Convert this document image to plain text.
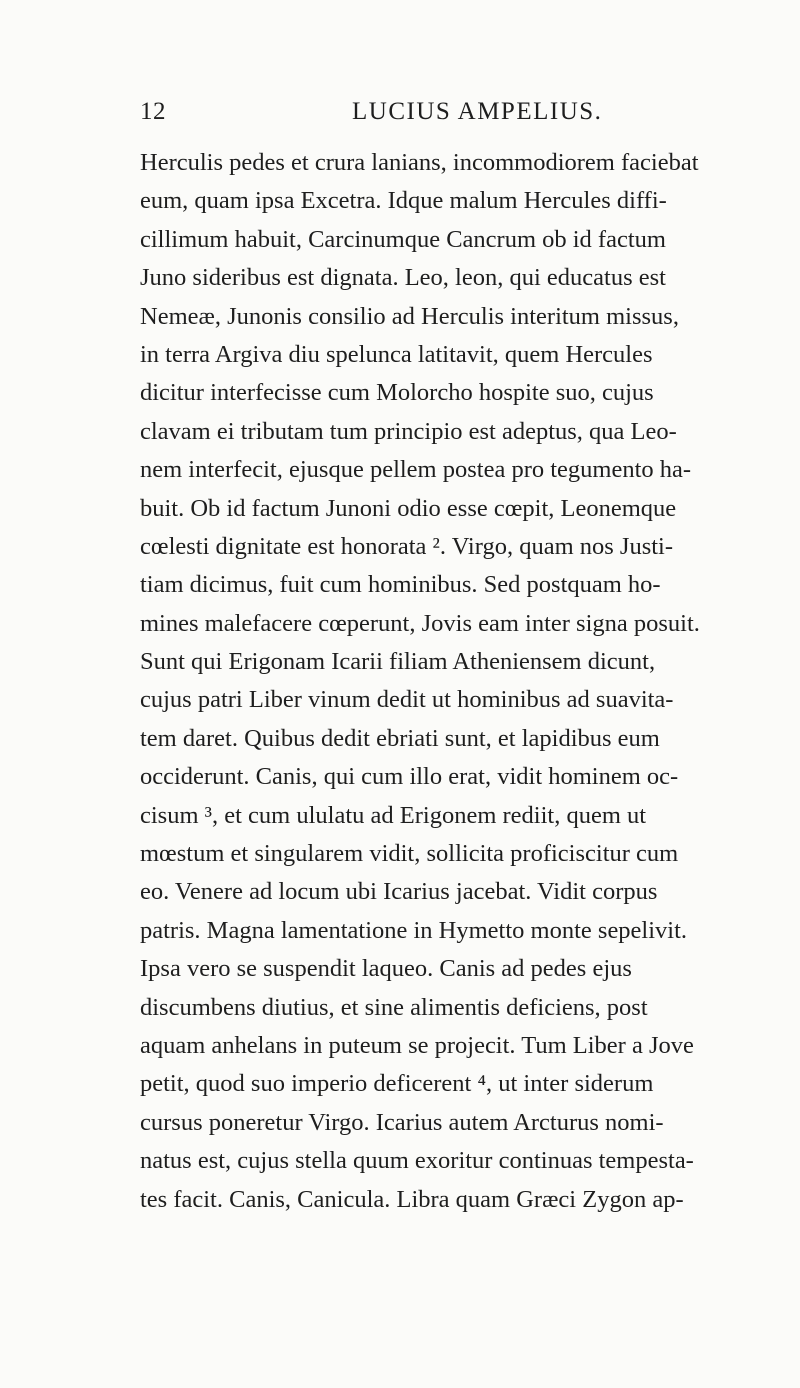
12	LUCIUS AMPELIUS.
Herculis pedes et crura lanians, incommodiorem faciebat
eum, quam ipsa Excetra. Idque malum Hercules diffi-
cillimum habuit, Carcinumque Cancrum ob id factum
Juno sideribus est dignata. Leo, leon, qui educatus est
Nemeæ, Junonis consilio ad Herculis interitum missus,
in terra Argiva diu spelunca latitavit, quem Hercules
dicitur interfecisse cum Molorcho hospite suo, cujus
clavam ei tributam tum principio est adeptus, qua Leo-
nem interfecit, ejusque pellem postea pro tegumento ha-
buit. Ob id factum Junoni odio esse cœpit, Leonemque
cœlesti dignitate est honorata ². Virgo, quam nos Justi-
tiam dicimus, fuit cum hominibus. Sed postquam ho-
mines malefacere cœperunt, Jovis eam inter signa posuit.
Sunt qui Erigonam Icarii filiam Atheniensem dicunt,
cujus patri Liber vinum dedit ut hominibus ad suavita-
tem daret. Quibus dedit ebriati sunt, et lapidibus eum
occiderunt. Canis, qui cum illo erat, vidit hominem oc-
cisum ³, et cum ululatu ad Erigonem rediit, quem ut
mœstum et singularem vidit, sollicita proficiscitur cum
eo. Venere ad locum ubi Icarius jacebat. Vidit corpus
patris. Magna lamentatione in Hymetto monte sepelivit.
Ipsa vero se suspendit laqueo. Canis ad pedes ejus
discumbens diutius, et sine alimentis deficiens, post
aquam anhelans in puteum se projecit. Tum Liber a Jove
petit, quod suo imperio deficerent ⁴, ut inter siderum
cursus poneretur Virgo. Icarius autem Arcturus nomi-
natus est, cujus stella quum exoritur continuas tempesta-
tes facit. Canis, Canicula. Libra quam Græci Zygon ap-
